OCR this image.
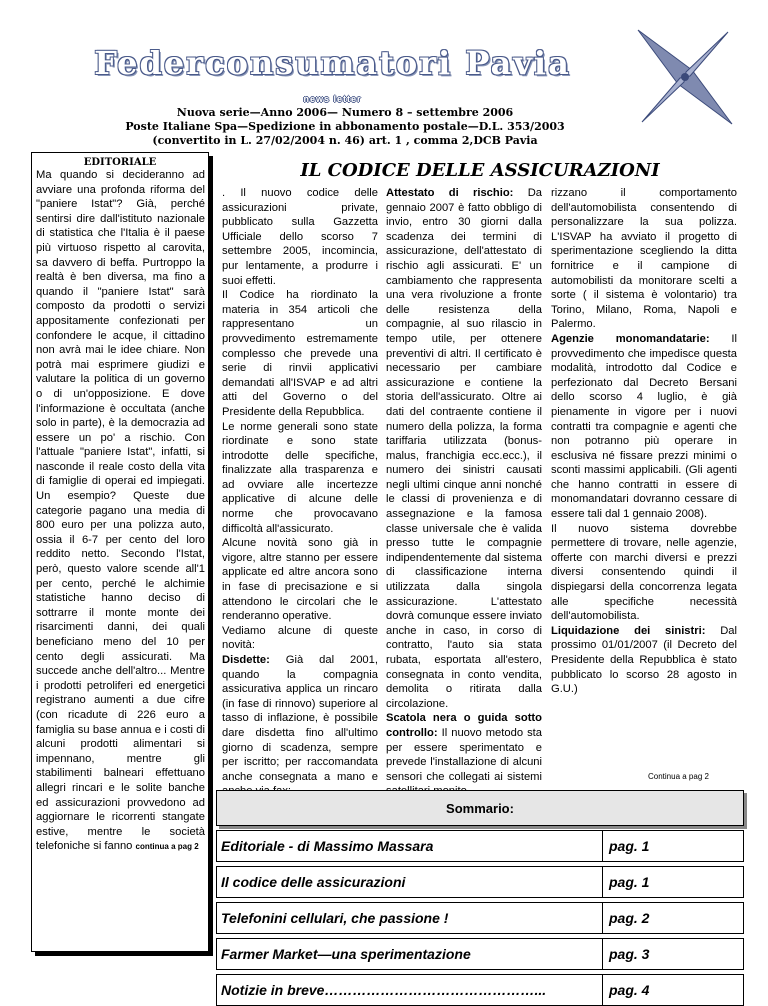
Federconsumatori Pavia
news letter
Nuova serie—Anno 2006— Numero 8 – settembre 2006
Poste Italiane Spa—Spedizione in abbonamento postale—D.L. 353/2003
(convertito in L. 27/02/2004 n. 46) art. 1 , comma 2,DCB Pavia
EDITORIALE
Ma quando si decideranno ad avviare una profonda riforma del "paniere Istat"? Già, perché sentirsi dire dall'istituto nazionale di statistica che l'Italia è il paese più virtuoso rispetto al carovita, sa davvero di beffa. Purtroppo la realtà è ben diversa, ma fino a quando il "paniere Istat" sarà composto da prodotti o servizi appositamente confezionati per confondere le acque, il cittadino non avrà mai le idee chiare. Non potrà mai esprimere giudizi e valutare la politica di un governo o di un'opposizione. E dove l'informazione è occultata (anche solo in parte), è la democrazia ad essere un po' a rischio. Con l'attuale "paniere Istat", infatti, si nasconde il reale costo della vita di famiglie di operai ed impiegati. Un esempio? Queste due categorie pagano una media di 800 euro per una polizza auto, ossia il 6-7 per cento del loro reddito netto. Secondo l'Istat, però, questo valore scende all'1 per cento, perché le alchimie statistiche hanno deciso di sottrarre il monte monte dei risarcimenti danni, dei quali beneficiano meno del 10 per cento degli assicurati. Ma succede anche dell'altro... Mentre i prodotti petroliferi ed energetici registrano aumenti a due cifre (con ricadute di 226 euro a famiglia su base annua e i costi di alcuni prodotti alimentari si impennano, mentre gli stabilimenti balneari effettuano allegri rincari e le solite banche ed assicurazioni provvedono ad aggiornare le ricorrenti stangate estive, mentre le società telefoniche si fanno continua a pag 2
IL CODICE DELLE ASSICURAZIONI

. Il nuovo codice delle assicurazioni private, pubblicato sulla Gazzetta Ufficiale dello scorso 7 settembre 2005, incomincia, pur lentamente, a produrre i suoi effetti.

Il Codice ha riordinato la materia in 354 articoli che rappresentano un provvedimento estremamente complesso che prevede una serie di rinvii applicativi demandati all'ISVAP e ad altri atti del Governo o del Presidente della Repubblica.

Le norme generali sono state riordinate e sono state introdotte delle specifiche, finalizzate alla trasparenza e ad ovviare alle incertezze applicative di alcune delle norme che provocavano difficoltà all'assicurato.

Alcune novità sono già in vigore, altre stanno per essere applicate ed altre ancora sono in fase di precisazione e si attendono le circolari che le renderanno operative.

Vediamo alcune di queste novità:

Disdette: Già dal 2001, quando la compagnia assicurativa applica un rincaro (in fase di rinnovo) superiore al tasso di inflazione, è possibile dare disdetta fino all'ultimo giorno di scadenza, sempre per iscritto; per raccomandata anche consegnata a mano e

Attestato di rischio: Da gennaio 2007 è fatto obbligo di invio, entro 30 giorni dalla scadenza dei termini di assicurazione, dell'attestato di rischio agli assicurati. E' un cambiamento che rappresenta una vera rivoluzione a fronte delle resistenza della compagnie, al suo rilascio in tempo utile, per ottenere preventivi di altri. Il certificato è necessario per cambiare assicurazione e contiene la storia dell'assicurato. Oltre ai dati del contraente contiene il numero della polizza, la forma tariffaria utilizzata (bonus-malus, franchigia ecc.ecc.), il numero dei sinistri causati negli ultimi cinque anni nonché le classi di provenienza e di assegnazione e la famosa classe universale che è valida presso tutte le compagnie indipendentemente dal sistema di classificazione interna utilizzata dalla singola assicurazione. L'attestato dovrà comunque essere inviato anche in caso, in corso di contratto, l'auto sia stata rubata, esportata all'estero, consegnata in conto vendita, demolita o ritirata dalla circolazione.

Scatola nera o guida sotto controllo: Il nuovo metodo sta per essere sperimentato e prevede l'installazione di alcuni sensori che collegati ai sistemi

rizzano il comportamento dell'automobilista consentendo di personalizzare la sua polizza. L'ISVAP ha avviato il progetto di sperimentazione scegliendo la ditta fornitrice e il campione di automobilisti da monitorare scelti a sorte ( il sistema è volontario) tra Torino, Milano, Roma, Napoli e Palermo.

Agenzie monomandatarie: Il provvedimento che impedisce questa modalità, introdotto dal Codice e perfezionato dal Decreto Bersani dello scorso 4 luglio, è già pienamente in vigore per i nuovi contratti tra compagnie e agenti che non potranno più operare in esclusiva né fissare prezzi minimi o sconti massimi applicabili. (Gli agenti che hanno contratti in essere di monomandatari dovranno cessare di essere tali dal 1 gennaio 2008).

Il nuovo sistema dovrebbe permettere di trovare, nelle agenzie, offerte con marchi diversi e prezzi diversi consentendo quindi il dispiegarsi della concorrenza legata alle specifiche necessità dell'automobilista.

Liquidazione dei sinistri: Dal prossimo 01/01/2007 (il Decreto del Presidente della Repubblica è stato pubblicato lo scorso 28 agosto in G.U.)

Continua a pag 2
Sommario:
Editoriale - di Massimo Massara	pag. 1
Il codice delle assicurazioni	pag. 1
Telefonini cellulari, che passione !	pag. 2
Farmer Market—una sperimentazione	pag. 3
Notizie in breve………………………………………...	pag. 4
